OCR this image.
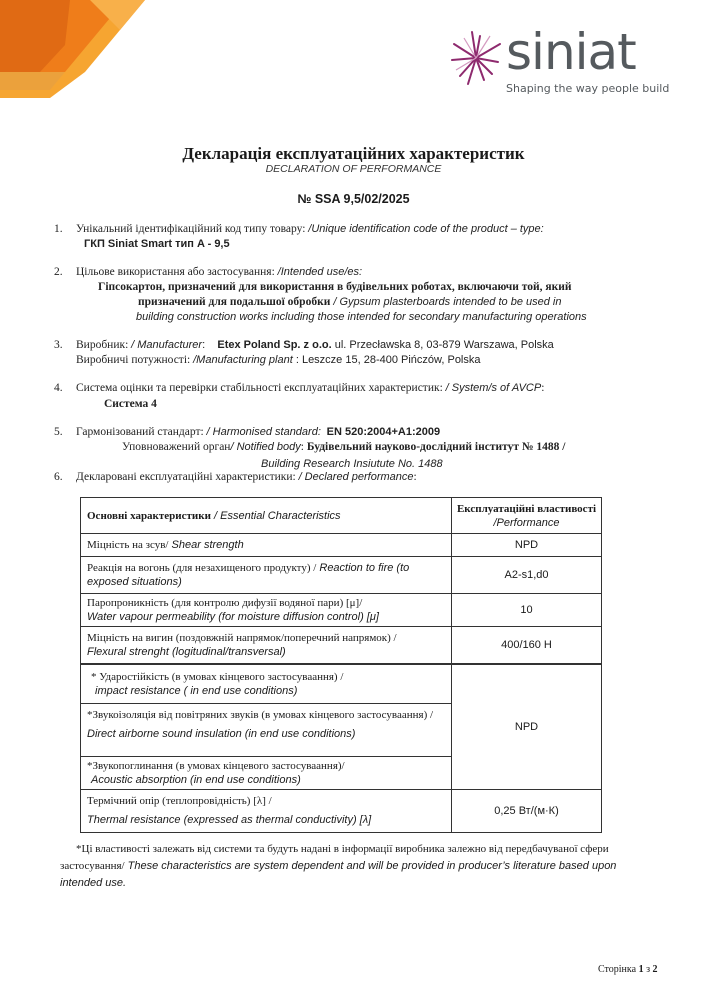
siniat
Shaping the way people build
Декларація експлуатаційних характеристик
DECLARATION OF PERFORMANCE
№ SSA 9,5/02/2025
1. Унікальний ідентифікаційний код типу товару: /Unique identification code of the product – type:
ГКП Siniat Smart тип A - 9,5
2. Цільове використання або застосування: /Intended use/es:
Гіпсокартон, призначений для використання в будівельних роботах, включаючи той, який
призначений для подальшої обробки / Gypsum plasterboards intended to be used in
building construction works including those intended for secondary manufacturing operations
3. Виробник: / Manufacturer:    Etex Poland Sp. z o.o. ul. Przecławska 8, 03-879 Warszawa, Polska
Виробничі потужності: /Manufacturing plant : Leszcze 15, 28-400 Pińczów, Polska
4. Система оцінки та перевірки стабільності експлуатаційних характеристик: / System/s of AVCP:
Система 4
5. Гармонізований стандарт: / Harmonised standard: EN 520:2004+A1:2009
Уповноважений орган/ Notified body: Будівельний науково-дослідний інститут № 1488 /
Building Research Insiutute No. 1488
6. Декларовані експлуатаційні характеристики: / Declared performance:
Основні характеристики / Essential Characteristics	Експлуатаційні властивості
/Performance

Міцність на зсув/ Shear strength	NPD
Реакція на вогонь (для незахищеного продукту) / Reaction to fire (to exposed situations)	A2-s1,d0

Паропроникність (для контролю дифузії водяної пари) [μ]/
Water vapour permeability (for moisture diffusion control) [μ]	10

Міцність на вигин (поздовжній напрямок/поперечний напрямок) /
Flexural strenght (logitudinal/transversal)	400/160 Н

* Ударостійкість (в умовах кінцевого застосуваання) /
impact resistance ( in end use conditions)	NPD
*Звукоізоляція від повітряних звуків (в умовах кінцевого застосуваання) / Direct airborne sound insulation (in end use conditions)	

*Звукопоглинання (в умовах кінцевого застосуваання)/
Acoustic absorption (in end use conditions)	

Термічний опір (теплопровідність) [λ] /
Thermal resistance (expressed as thermal conductivity) [λ]	0,25 Вт/(м·К)
*Ці властивості залежать від системи та будуть надані в інформації виробника залежно від передбачуваної сфери застосування/ These characteristics are system dependent and will be provided in producer’s literature based upon intended use.
Сторінка 1 з 2
